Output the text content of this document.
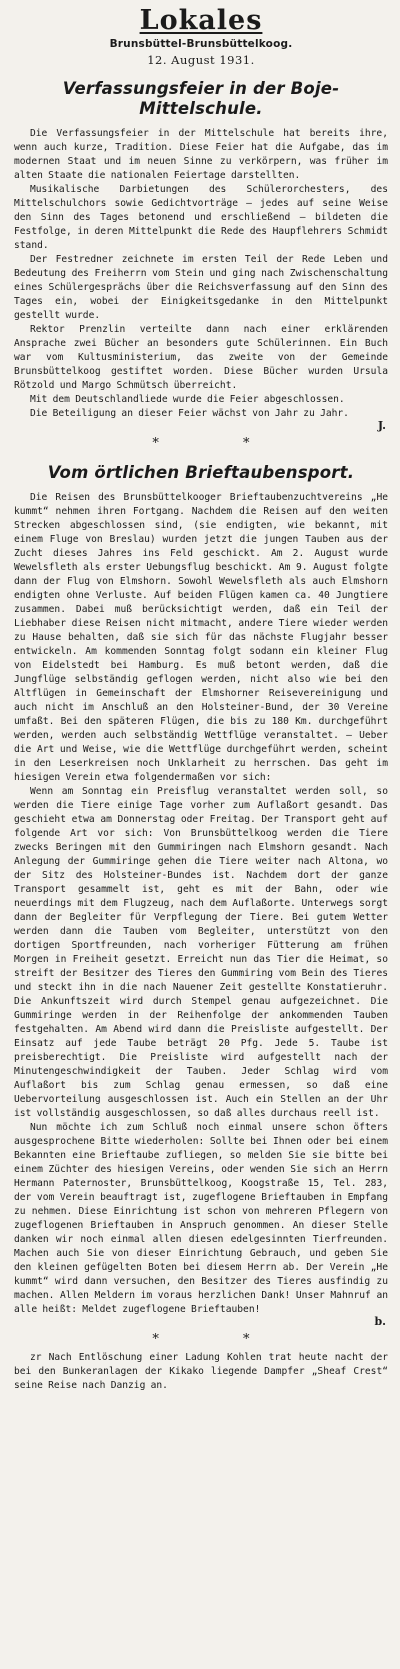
Lokales
Brunsbüttel-Brunsbüttelkoog.
12. August 1931.
Verfassungsfeier in der Boje-Mittelschule.

Die Verfassungsfeier in der Mittelschule hat bereits ihre, wenn auch kurze, Tradition. Diese Feier hat die Aufgabe, das im modernen Staat und im neuen Sinne zu verkörpern, was früher im alten Staate die nationalen Feiertage darstellten.

Musikalische Darbietungen des Schülerorchesters, des Mittelschulchors sowie Gedichtvorträge — jedes auf seine Weise den Sinn des Tages betonend und erschließend — bildeten die Festfolge, in deren Mittelpunkt die Rede des Haupflehrers Schmidt stand.

Der Festredner zeichnete im ersten Teil der Rede Leben und Bedeutung des Freiherrn vom Stein und ging nach Zwischenschaltung eines Schülergesprächs über die Reichsverfassung auf den Sinn des Tages ein, wobei der Einigkeitsgedanke in den Mittelpunkt gestellt wurde.

Rektor Prenzlin verteilte dann nach einer erklärenden Ansprache zwei Bücher an besonders gute Schülerinnen. Ein Buch war vom Kultusministerium, das zweite von der Gemeinde Brunsbüttelkoog gestiftet worden. Diese Bücher wurden Ursula Rötzold und Margo Schmütsch überreicht.

Mit dem Deutschlandliede wurde die Feier abgeschlossen.

Die Beteiligung an dieser Feier wächst von Jahr zu Jahr.

J.
* *
Vom örtlichen Brieftaubensport.

Die Reisen des Brunsbüttelkooger Brieftaubenzuchtvereins „He kummt“ nehmen ihren Fortgang. Nachdem die Reisen auf den weiten Strecken abgeschlossen sind, (sie endigten, wie bekannt, mit einem Fluge von Breslau) wurden jetzt die jungen Tauben aus der Zucht dieses Jahres ins Feld geschickt. Am 2. August wurde Wewelsfleth als erster Uebungsflug beschickt. Am 9. August folgte dann der Flug von Elmshorn. Sowohl Wewelsfleth als auch Elmshorn endigten ohne Verluste. Auf beiden Flügen kamen ca. 40 Jungtiere zusammen. Dabei muß berücksichtigt werden, daß ein Teil der Liebhaber diese Reisen nicht mitmacht, andere Tiere wieder werden zu Hause behalten, daß sie sich für das nächste Flugjahr besser entwickeln. Am kommenden Sonntag folgt sodann ein kleiner Flug von Eidelstedt bei Hamburg. Es muß betont werden, daß die Jungflüge selbständig geflogen werden, nicht also wie bei den Altflügen in Gemeinschaft der Elmshorner Reisevereinigung und auch nicht im Anschluß an den Holsteiner-Bund, der 30 Vereine umfaßt. Bei den späteren Flügen, die bis zu 180 Km. durchgeführt werden, werden auch selbständig Wettflüge veranstaltet. — Ueber die Art und Weise, wie die Wettflüge durchgeführt werden, scheint in den Leserkreisen noch Unklarheit zu herrschen. Das geht im hiesigen Verein etwa folgendermaßen vor sich:

Wenn am Sonntag ein Preisflug veranstaltet werden soll, so werden die Tiere einige Tage vorher zum Auflaßort gesandt. Das geschieht etwa am Donnerstag oder Freitag. Der Transport geht auf folgende Art vor sich: Von Brunsbüttelkoog werden die Tiere zwecks Beringen mit den Gummiringen nach Elmshorn gesandt. Nach Anlegung der Gummiringe gehen die Tiere weiter nach Altona, wo der Sitz des Holsteiner-Bundes ist. Nachdem dort der ganze Transport gesammelt ist, geht es mit der Bahn, oder wie neuerdings mit dem Flugzeug, nach dem Auflaßorte. Unterwegs sorgt dann der Begleiter für Verpflegung der Tiere. Bei gutem Wetter werden dann die Tauben vom Begleiter, unterstützt von den dortigen Sportfreunden, nach vorheriger Fütterung am frühen Morgen in Freiheit gesetzt. Erreicht nun das Tier die Heimat, so streift der Besitzer des Tieres den Gummiring vom Bein des Tieres und steckt ihn in die nach Nauener Zeit gestellte Konstatieruhr. Die Ankunftszeit wird durch Stempel genau aufgezeichnet. Die Gummiringe werden in der Reihenfolge der ankommenden Tauben festgehalten. Am Abend wird dann die Preisliste aufgestellt. Der Einsatz auf jede Taube beträgt 20 Pfg. Jede 5. Taube ist preisberechtigt. Die Preisliste wird aufgestellt nach der Minutengeschwindigkeit der Tauben. Jeder Schlag wird vom Auflaßort bis zum Schlag genau ermessen, so daß eine Uebervorteilung ausgeschlossen ist. Auch ein Stellen an der Uhr ist vollständig ausgeschlossen, so daß alles durchaus reell ist.

Nun möchte ich zum Schluß noch einmal unsere schon öfters ausgesprochene Bitte wiederholen: Sollte bei Ihnen oder bei einem Bekannten eine Brieftaube zufliegen, so melden Sie sie bitte bei einem Züchter des hiesigen Vereins, oder wenden Sie sich an Herrn Hermann Paternoster, Brunsbüttelkoog, Koogstraße 15, Tel. 283, der vom Verein beauftragt ist, zugeflogene Brieftauben in Empfang zu nehmen. Diese Einrichtung ist schon von mehreren Pflegern von zugeflogenen Brieftauben in Anspruch genommen. An dieser Stelle danken wir noch einmal allen diesen edelgesinnten Tierfreunden. Machen auch Sie von dieser Einrichtung Gebrauch, und geben Sie den kleinen gefügelten Boten bei diesem Herrn ab. Der Verein „He kummt“ wird dann versuchen, den Besitzer des Tieres ausfindig zu machen. Allen Meldern im voraus herzlichen Dank! Unser Mahnruf an alle heißt: Meldet zugeflogene Brieftauben!

b.
* *

zr Nach Entlöschung einer Ladung Kohlen trat heute nacht der bei den Bunkeranlagen der Kikako liegende Dampfer „Sheaf Crest“ seine Reise nach Danzig an.
